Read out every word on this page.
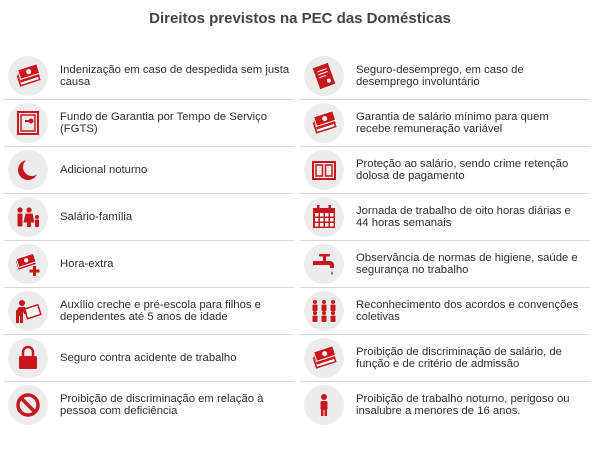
Direitos previstos na PEC das Domésticas
Indenização em caso de despedida sem justa causa
Fundo de Garantia por Tempo de Serviço (FGTS)
Adicional noturno
Salário-família
Hora-extra
Auxílio creche e pré-escola para filhos e dependentes até 5 anos de idade
Seguro contra acidente de trabalho
Proibição de discriminação em relação à pessoa com deficiência
Seguro-desemprego, em caso de desemprego involuntário
Garantia de salário mínimo para quem recebe remuneração variável
Proteção ao salário, sendo crime retenção dolosa de pagamento
Jornada de trabalho de oito horas diárias e 44 horas semanais
Observância de normas de higiene, saúde e segurança no trabalho
Reconhecimento dos acordos e convenções coletivas
Proibição de discriminação de salário, de função e de critério de admissão
Proibição de trabalho noturno, perigoso ou insalubre a menores de 16 anos.
